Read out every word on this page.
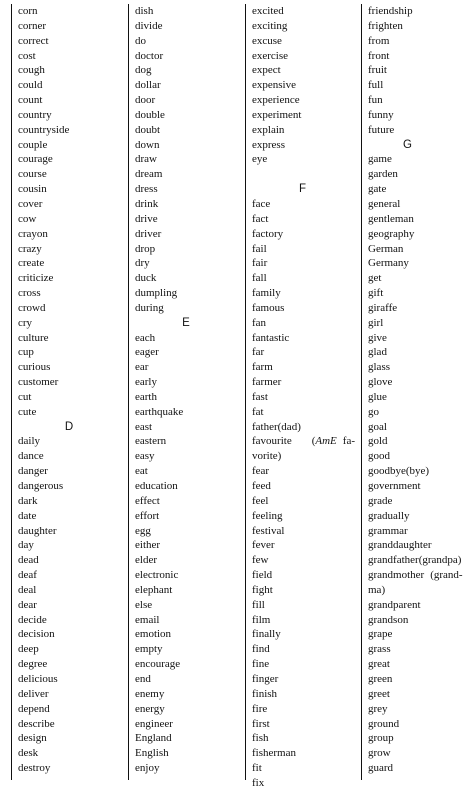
corn
corner
correct
cost
cough
could
count
country
countryside
couple
courage
course
cousin
cover
cow
crayon
crazy
create
criticize
cross
crowd
cry
culture
cup
curious
customer
cut
cute
D
daily
dance
danger
dangerous
dark
date
daughter
day
dead
deaf
deal
dear
decide
decision
deep
degree
delicious
deliver
depend
describe
design
desk
destroy
dish
divide
do
doctor
dog
dollar
door
double
doubt
down
draw
dream
dress
drink
drive
driver
drop
dry
duck
dumpling
during
E
each
eager
ear
early
earth
earthquake
east
eastern
easy
eat
education
effect
effort
egg
either
elder
electronic
elephant
else
email
emotion
empty
encourage
end
enemy
energy
engineer
England
English
enjoy
excited
exciting
excuse
exercise
expect
expensive
experience
experiment
explain
express
eye
F
face
fact
factory
fail
fair
fall
family
famous
fan
fantastic
far
farm
farmer
fast
fat
father(dad)
favourite (AmE fa-
vorite)
fear
feed
feel
feeling
festival
fever
few
field
fight
fill
film
finally
find
fine
finger
finish
fire
first
fish
fisherman
fit
fix
friendship
frighten
from
front
fruit
full
fun
funny
future
G
game
garden
gate
general
gentleman
geography
German
Germany
get
gift
giraffe
girl
give
glad
glass
glove
glue
go
goal
gold
good
goodbye(bye)
government
grade
gradually
grammar
granddaughter
grandfather(grandpa)
grandmother (grand-
ma)
grandparent
grandson
grape
grass
great
green
greet
grey
ground
group
grow
guard
